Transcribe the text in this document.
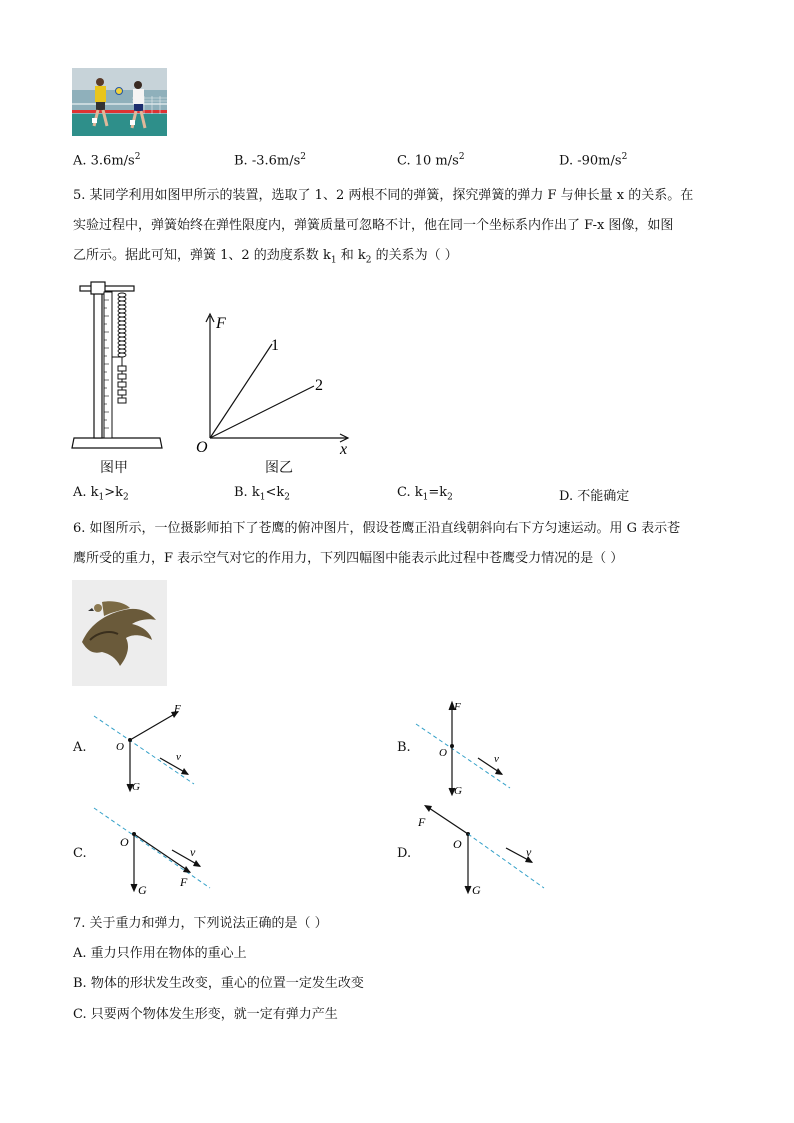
A. $3.6m/s^2$	B. $-3.6m/s^2$	C. 10 $m/s^2$	D. $-90m/s^2$
5. 某同学利用如图甲所示的装置，选取了 1、2 两根不同的弹簧，探究弹簧的弹力 F 与伸长量 x 的关系。在
实验过程中，弹簧始终在弹性限度内，弹簧质量可忽略不计，他在同一个坐标系内作出了 F-x 图像，如图
乙所示。据此可知，弹簧 1、2 的劲度系数 $k_1$ 和 $k_2$ 的关系为（ ）
图甲
F
x
O
1
2
图乙
A. $k_1>k_2$	B. $k_1<k_2$	C. $k_1=k_2$	D. 不能确定
6. 如图所示，一位摄影师拍下了苍鹰的俯冲图片，假设苍鹰正沿直线朝斜向右下方匀速运动。用 G 表示苍
鹰所受的重力，F 表示空气对它的作用力，下列四幅图中能表示此过程中苍鹰受力情况的是（ ）
A.
F
O
v
G
B.
F
O	v
G
C.
O
v
F
G
D.
F
O
v
G
7. 关于重力和弹力，下列说法正确的是（ ）
A. 重力只作用在物体的重心上
B. 物体的形状发生改变，重心的位置一定发生改变
C. 只要两个物体发生形变，就一定有弹力产生
